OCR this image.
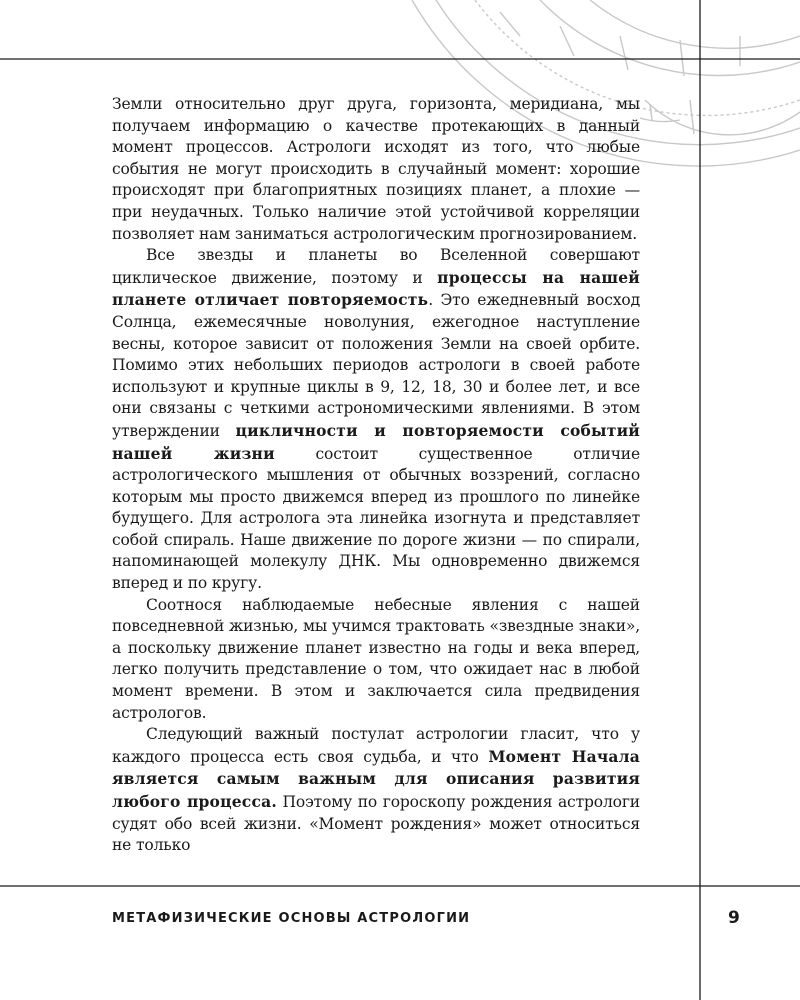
Земли относительно друг друга, горизонта, меридиана, мы получаем информацию о качестве протекающих в данный момент процессов. Астрологи исходят из того, что любые события не могут происходить в случайный момент: хорошие происходят при благоприятных позициях планет, а плохие — при неудачных. Только наличие этой устойчивой корреляции позволяет нам заниматься астрологическим прогнозированием.

Все звезды и планеты во Вселенной совершают циклическое движение, поэтому и процессы на нашей планете отличает повторяемость. Это ежедневный восход Солнца, ежемесячные новолуния, ежегодное наступление весны, которое зависит от положения Земли на своей орбите. Помимо этих небольших периодов астрологи в своей работе используют и крупные циклы в 9, 12, 18, 30 и более лет, и все они связаны с четкими астрономическими явлениями. В этом утверждении цикличности и повторяемости событий нашей жизни состоит существенное отличие астрологического мышления от обычных воззрений, согласно которым мы просто движемся вперед из прошлого по линейке будущего. Для астролога эта линейка изогнута и представляет собой спираль. Наше движение по дороге жизни — по спирали, напоминающей молекулу ДНК. Мы одновременно движемся вперед и по кругу.

Соотнося наблюдаемые небесные явления с нашей повседневной жизнью, мы учимся трактовать «звездные знаки», а поскольку движение планет известно на годы и века вперед, легко получить представление о том, что ожидает нас в любой момент времени. В этом и заключается сила предвидения астрологов.

Следующий важный постулат астрологии гласит, что у каждого процесса есть своя судьба, и что Момент Начала является самым важным для описания развития любого процесса. Поэтому по гороскопу рождения астрологи судят обо всей жизни. «Момент рождения» может относиться не только

МЕТАФИЗИЧЕСКИЕ ОСНОВЫ АСТРОЛОГИИ	9
